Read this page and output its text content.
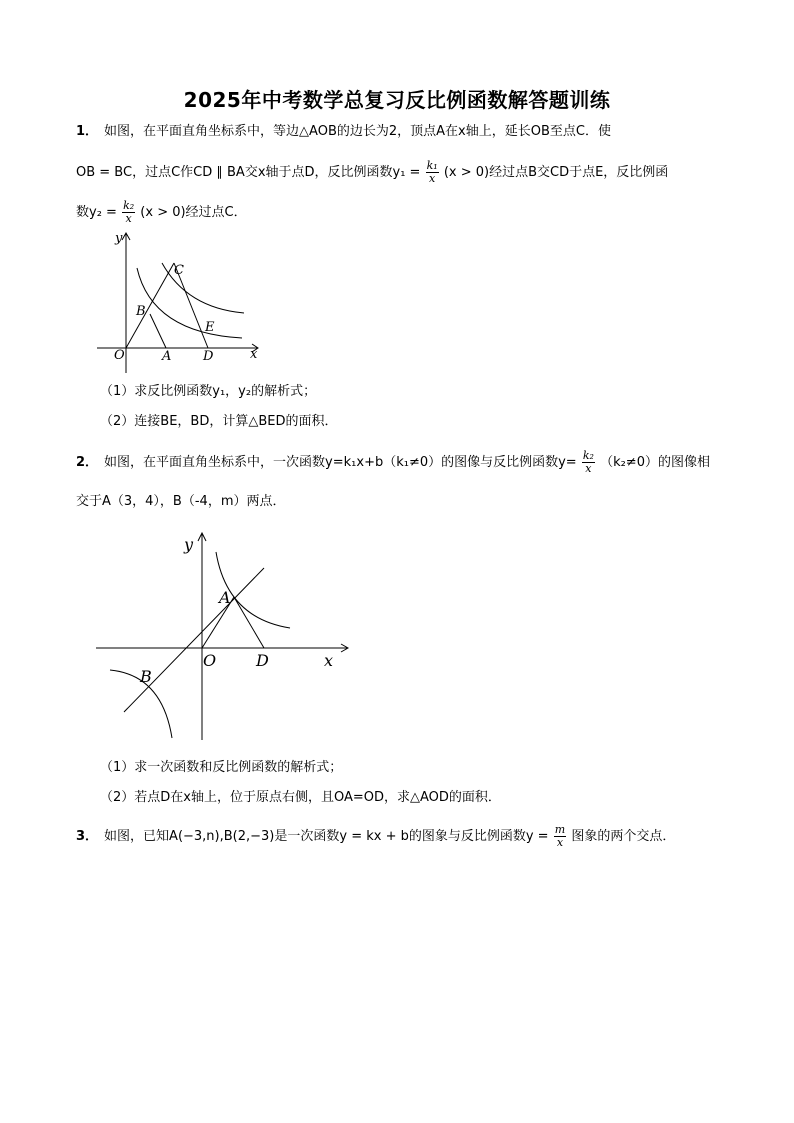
2025年中考数学总复习反比例函数解答题训练
1． 如图，在平面直角坐标系中，等边△AOB的边长为2，顶点A在x轴上，延长OB至点C．使
OB = BC，过点C作CD ∥ BA交x轴于点D，反比例函数$y_1 = \frac{\text{k₁}}{x} (x > 0)$经过点B交CD于点E，反比例函
数$y_2 = \frac{\text{k₂}}{x} (x > 0)$经过点C．
y
x
O	A
B
C
D
E
（1）求反比例函数y₁，y₂的解析式；
（2）连接BE，BD，计算△BED的面积．
2． 如图，在平面直角坐标系中，一次函数y=k₁x+b（k₁≠0）的图像与反比例函数$y= \frac{\text{k₂}}{x} (k_2\ne 0)$的图像相
交于A（3，4），B（-4，m）两点．
y
x
O
A
B
D
（1）求一次函数和反比例函数的解析式；
（2）若点D在x轴上，位于原点右侧，且OA=OD，求△AOD的面积．
3． 如图，已知A(−3,n),B(2,−3)是一次函数y = kx + b的图象与反比例函数$y = \frac{m}{x}$ 图象的两个交点．
